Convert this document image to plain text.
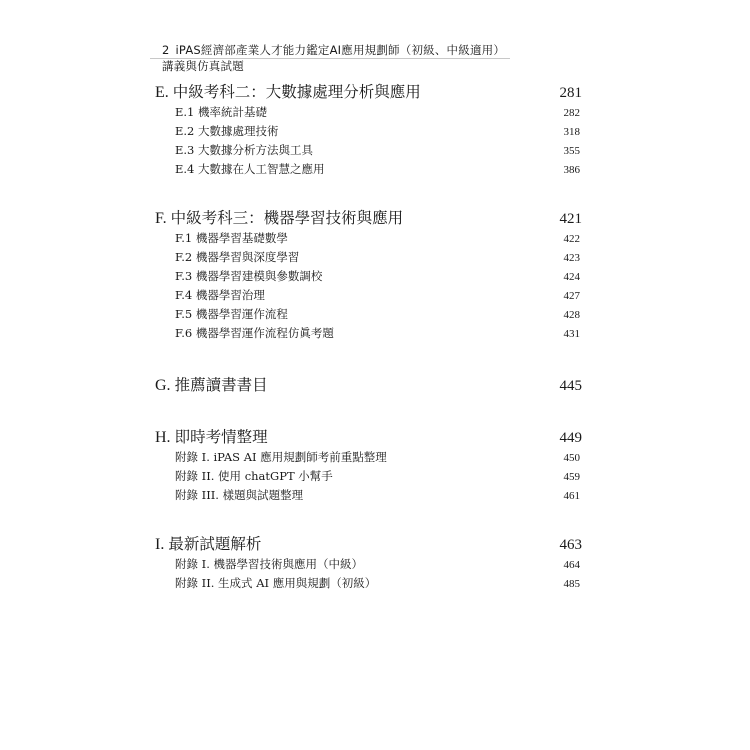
2 iPAS經濟部產業人才能力鑑定AI應用規劃師（初級、中級適用）講義與仿真試題
E. 中級考科二：大數據處理分析與應用	281
E.1 機率統計基礎	282
E.2 大數據處理技術	318
E.3 大數據分析方法與工具	355
E.4 大數據在人工智慧之應用	386
F. 中級考科三：機器學習技術與應用	421
F.1 機器學習基礎數學	422
F.2 機器學習與深度學習	423
F.3 機器學習建模與參數調校	424
F.4 機器學習治理	427
F.5 機器學習運作流程	428
F.6 機器學習運作流程仿眞考題	431
G. 推薦讀書書目	445
H. 即時考情整理	449
附錄 I. iPAS AI 應用規劃師考前重點整理	450
附錄 II. 使用 chatGPT 小幫手	459
附錄 III. 樣題與試題整理	461
I. 最新試題解析	463
附錄 I. 機器學習技術與應用（中級）	464
附錄 II. 生成式 AI 應用與規劃（初級）	485
